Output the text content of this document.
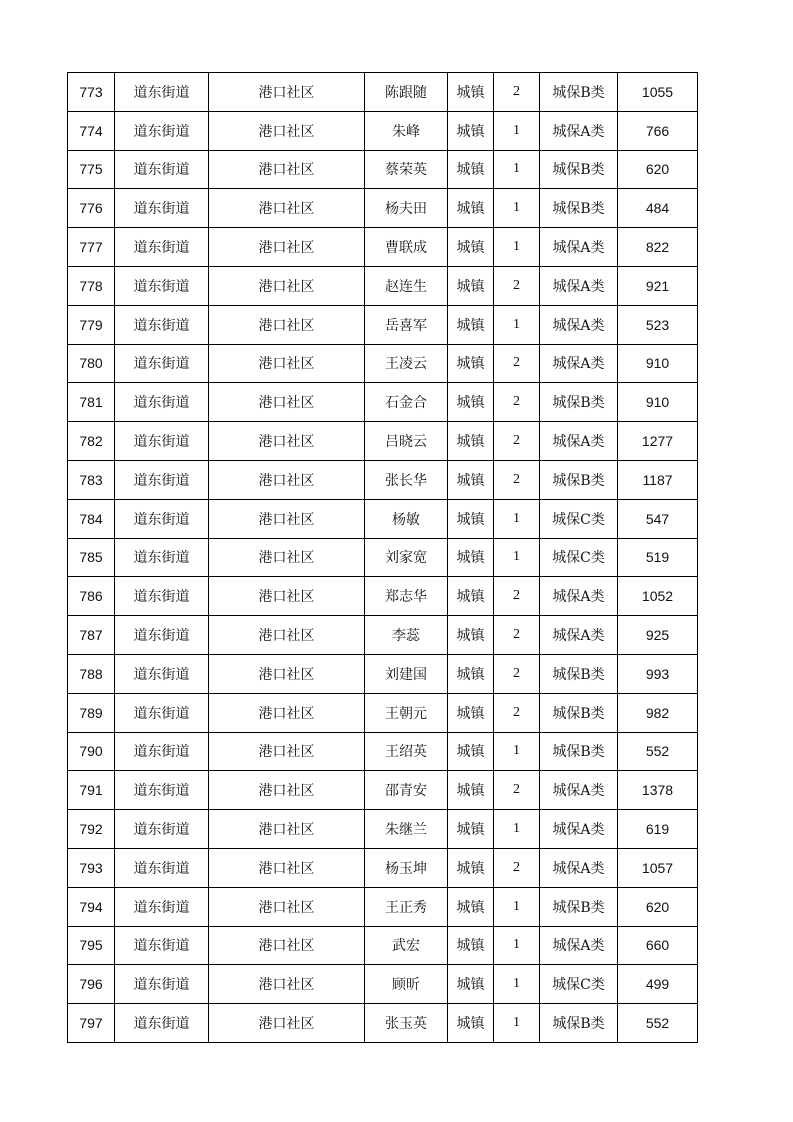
773	道东街道	港口社区	陈跟随	城镇	2	城保B类	1055
774	道东街道	港口社区	朱峰	城镇	1	城保A类	766
775	道东街道	港口社区	蔡荣英	城镇	1	城保B类	620
776	道东街道	港口社区	杨夫田	城镇	1	城保B类	484
777	道东街道	港口社区	曹联成	城镇	1	城保A类	822
778	道东街道	港口社区	赵连生	城镇	2	城保A类	921
779	道东街道	港口社区	岳喜军	城镇	1	城保A类	523
780	道东街道	港口社区	王凌云	城镇	2	城保A类	910
781	道东街道	港口社区	石金合	城镇	2	城保B类	910
782	道东街道	港口社区	吕晓云	城镇	2	城保A类	1277
783	道东街道	港口社区	张长华	城镇	2	城保B类	1187
784	道东街道	港口社区	杨敏	城镇	1	城保C类	547
785	道东街道	港口社区	刘家宽	城镇	1	城保C类	519
786	道东街道	港口社区	郑志华	城镇	2	城保A类	1052
787	道东街道	港口社区	李蕊	城镇	2	城保A类	925
788	道东街道	港口社区	刘建国	城镇	2	城保B类	993
789	道东街道	港口社区	王朝元	城镇	2	城保B类	982
790	道东街道	港口社区	王绍英	城镇	1	城保B类	552
791	道东街道	港口社区	邵青安	城镇	2	城保A类	1378
792	道东街道	港口社区	朱继兰	城镇	1	城保A类	619
793	道东街道	港口社区	杨玉坤	城镇	2	城保A类	1057
794	道东街道	港口社区	王正秀	城镇	1	城保B类	620
795	道东街道	港口社区	武宏	城镇	1	城保A类	660
796	道东街道	港口社区	顾昕	城镇	1	城保C类	499
797	道东街道	港口社区	张玉英	城镇	1	城保B类	552
